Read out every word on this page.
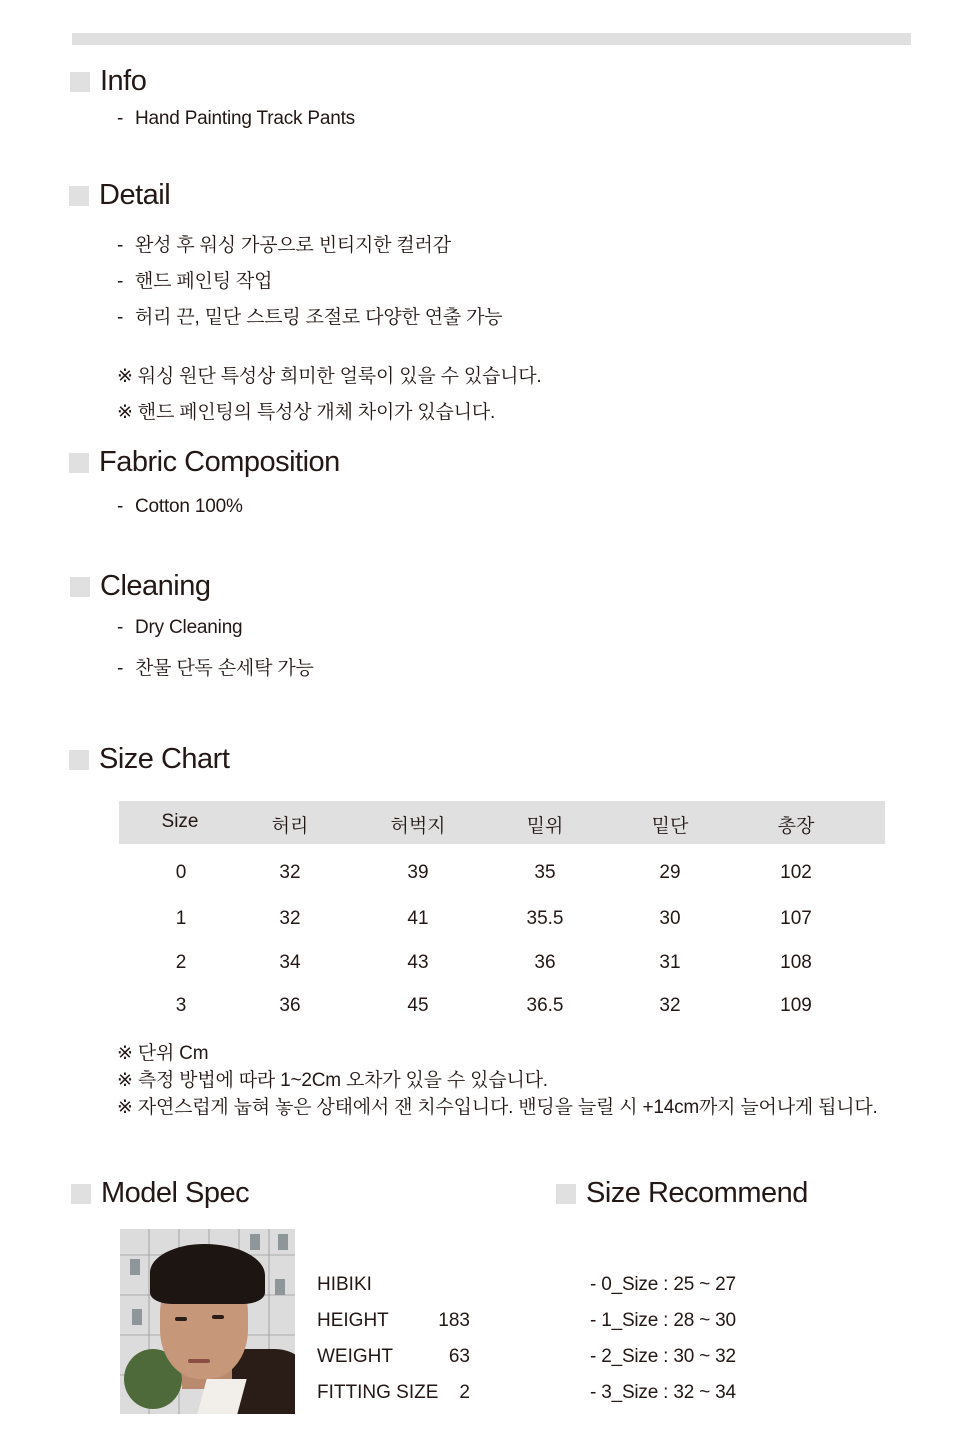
Info
- Hand Painting Track Pants
Detail
- 완성 후 워싱 가공으로 빈티지한 컬러감
- 핸드 페인팅 작업
- 허리 끈, 밑단 스트링 조절로 다양한 연출 가능
※ 워싱 원단 특성상 희미한 얼룩이 있을 수 있습니다.
※ 핸드 페인팅의 특성상 개체 차이가 있습니다.
Fabric Composition
- Cotton 100%
Cleaning
- Dry Cleaning
- 찬물 단독 손세탁 가능
Size Chart
Size	허리	허벅지	밑위	밑단	총장
0	32	39	35	29	102
1	32	41	35.5	30	107
2	34	43	36	31	108
3	36	45	36.5	32	109
※ 단위 Cm
※ 측정 방법에 따라 1~2Cm 오차가 있을 수 있습니다.
※ 자연스럽게 눕혀 놓은 상태에서 잰 치수입니다. 밴딩을 늘릴 시 +14cm까지 늘어나게 됩니다.
Model Spec
HIBIKI
HEIGHT	183
WEIGHT	63
FITTING SIZE	2
Size Recommend
- 0_Size : 25 ~ 27
- 1_Size : 28 ~ 30
- 2_Size : 30 ~ 32
- 3_Size : 32 ~ 34
